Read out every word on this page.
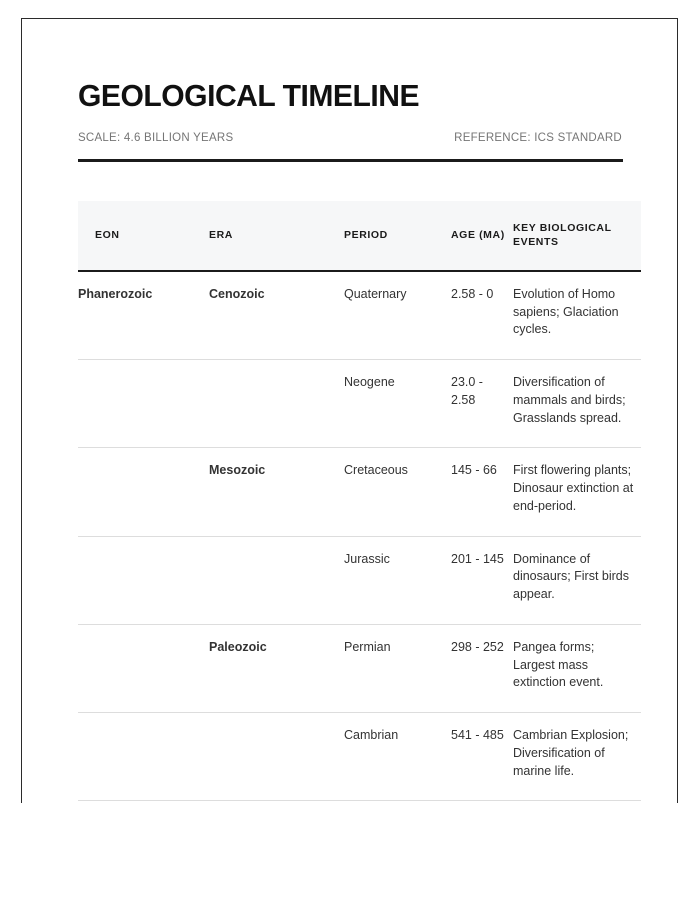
GEOLOGICAL TIMELINE
SCALE: 4.6 BILLION YEARS	REFERENCE: ICS STANDARD
EON	ERA	PERIOD	AGE (MA)	KEY BIOLOGICAL EVENTS
Phanerozoic	Cenozoic	Quaternary	2.58 - 0	Evolution of Homo sapiens; Glaciation cycles.
		Neogene	23.0 - 2.58	Diversification of mammals and birds; Grasslands spread.
	Mesozoic	Cretaceous	145 - 66	First flowering plants; Dinosaur extinction at end-period.
		Jurassic	201 - 145	Dominance of dinosaurs; First birds appear.
	Paleozoic	Permian	298 - 252	Pangea forms; Largest mass extinction event.
		Cambrian	541 - 485	Cambrian Explosion; Diversification of marine life.
